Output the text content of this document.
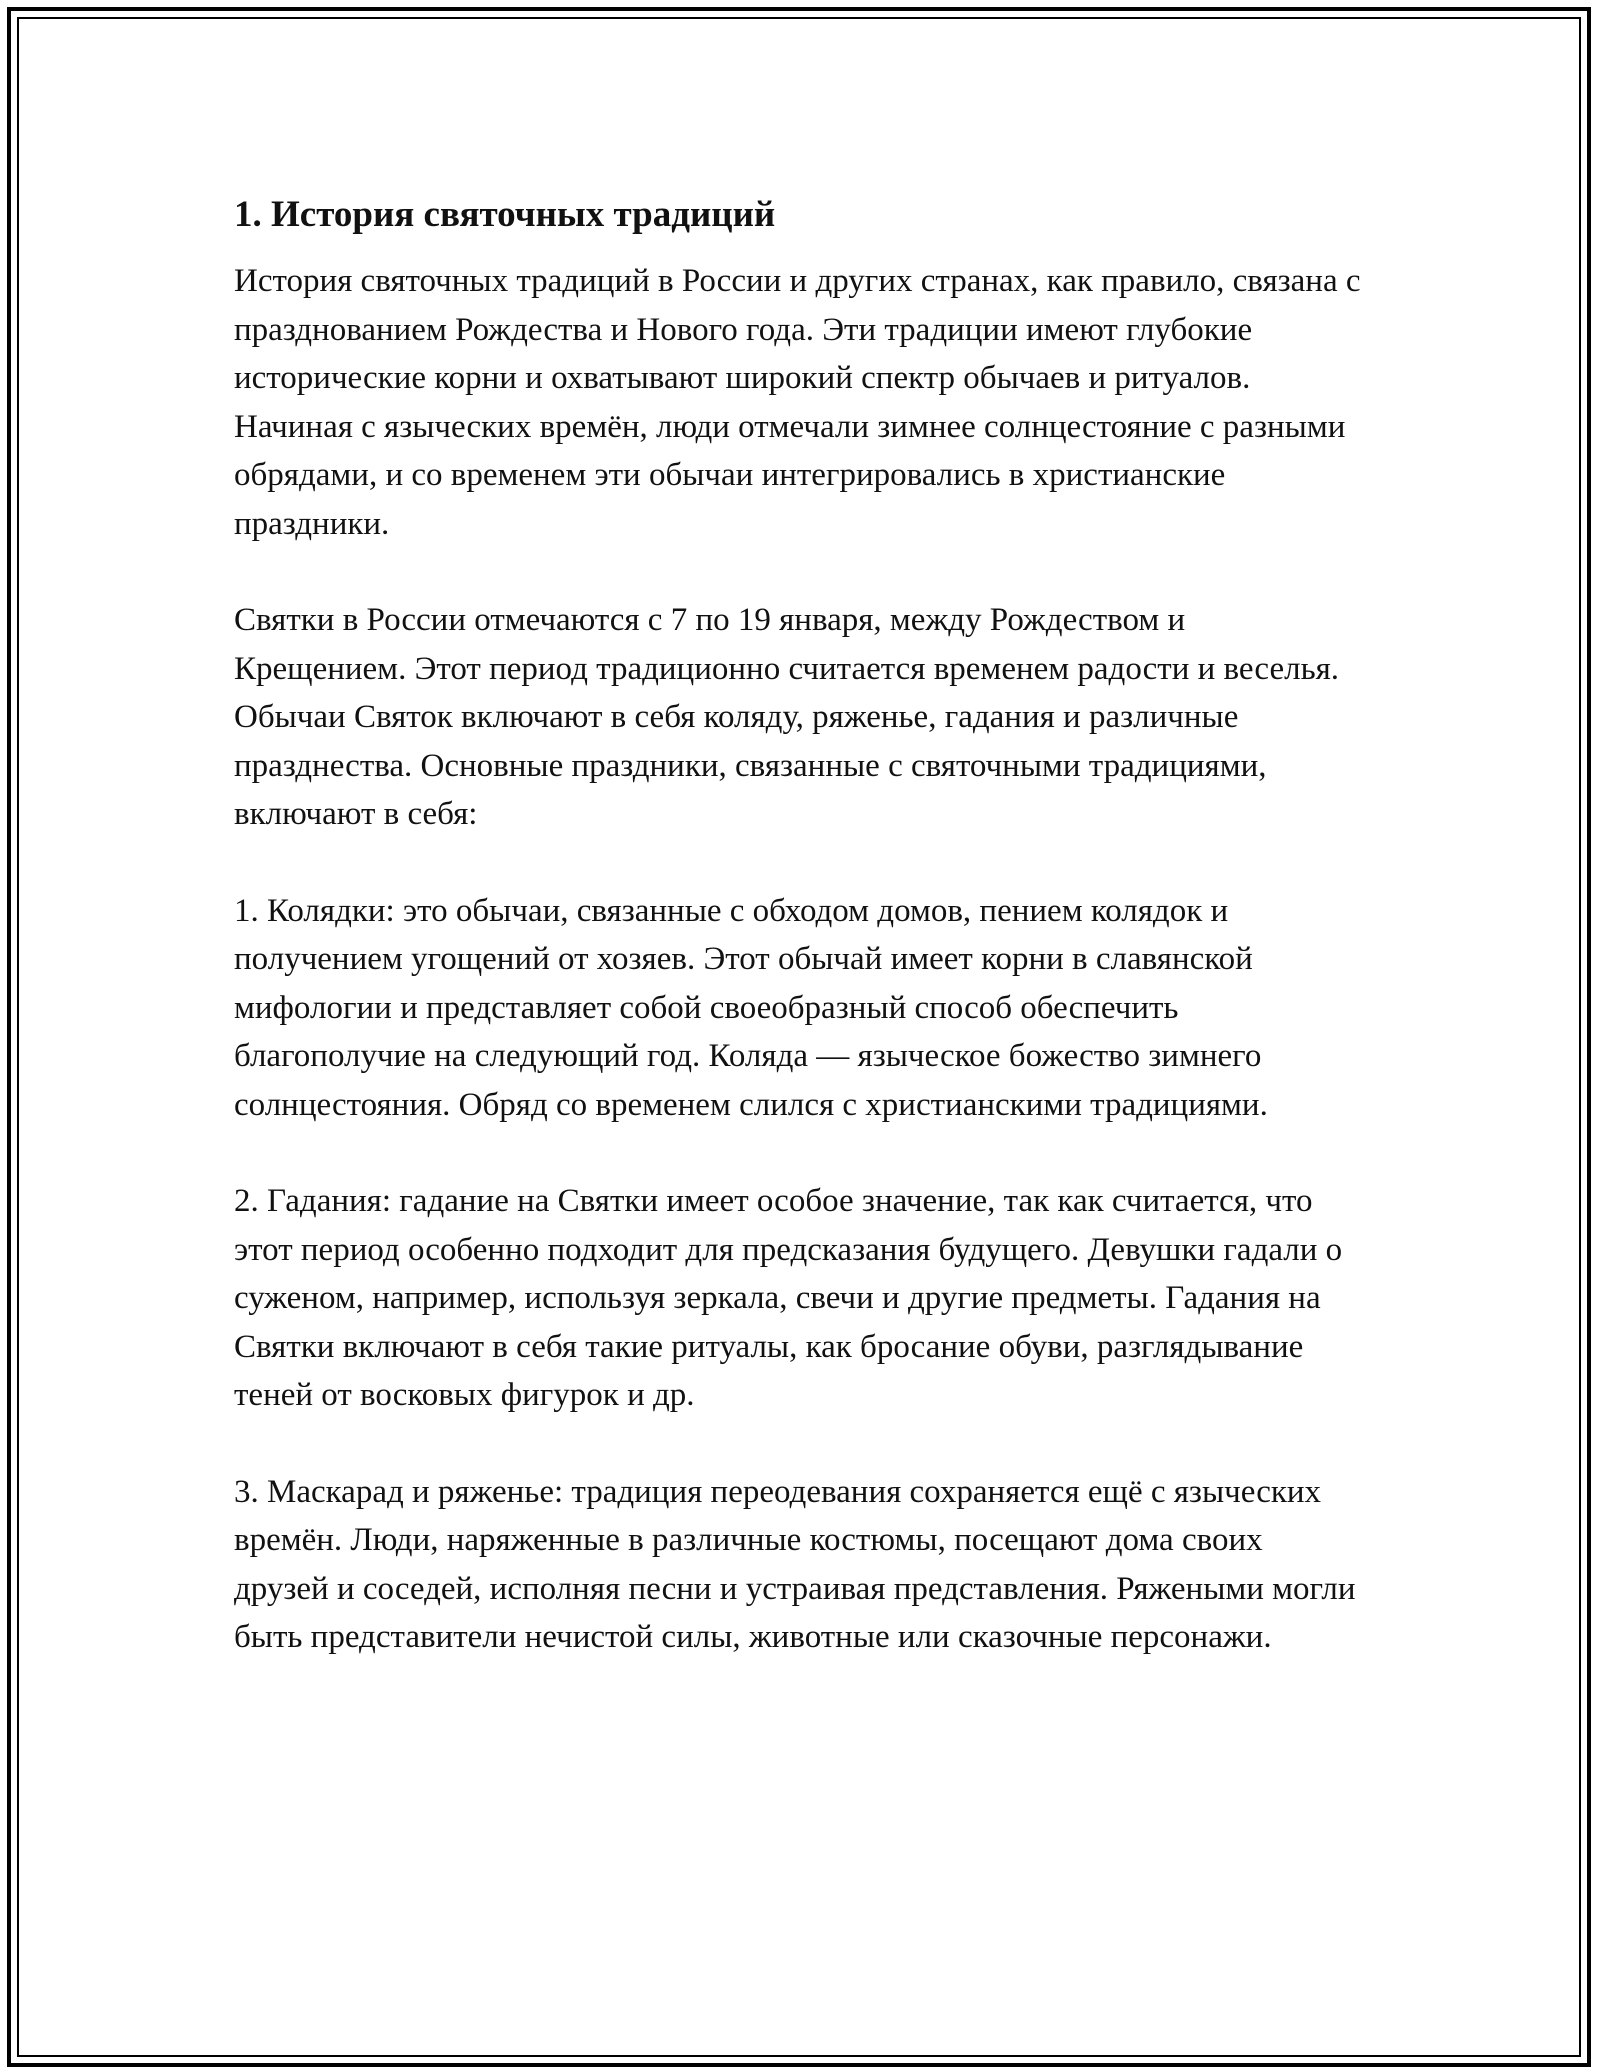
1. История святочных традиций

История святочных традиций в России и других странах, как правило, связана с празднованием Рождества и Нового года. Эти традиции имеют глубокие исторические корни и охватывают широкий спектр обычаев и ритуалов. Начиная с языческих времён, люди отмечали зимнее солнцестояние с разными обрядами, и со временем эти обычаи интегрировались в христианские праздники.

Святки в России отмечаются с 7 по 19 января, между Рождеством и Крещением. Этот период традиционно считается временем радости и веселья. Обычаи Святок включают в себя коляду, ряженье, гадания и различные празднества. Основные праздники, связанные с святочными традициями, включают в себя:

1. Колядки: это обычаи, связанные с обходом домов, пением колядок и получением угощений от хозяев. Этот обычай имеет корни в славянской мифологии и представляет собой своеобразный способ обеспечить благополучие на следующий год. Коляда — языческое божество зимнего солнцестояния. Обряд со временем слился с христианскими традициями.

2. Гадания: гадание на Святки имеет особое значение, так как считается, что этот период особенно подходит для предсказания будущего. Девушки гадали о суженом, например, используя зеркала, свечи и другие предметы. Гадания на Святки включают в себя такие ритуалы, как бросание обуви, разглядывание теней от восковых фигурок и др.

3. Маскарад и ряженье: традиция переодевания сохраняется ещё с языческих времён. Люди, наряженные в различные костюмы, посещают дома своих друзей и соседей, исполняя песни и устраивая представления. Ряжеными могли быть представители нечистой силы, животные или сказочные персонажи.
